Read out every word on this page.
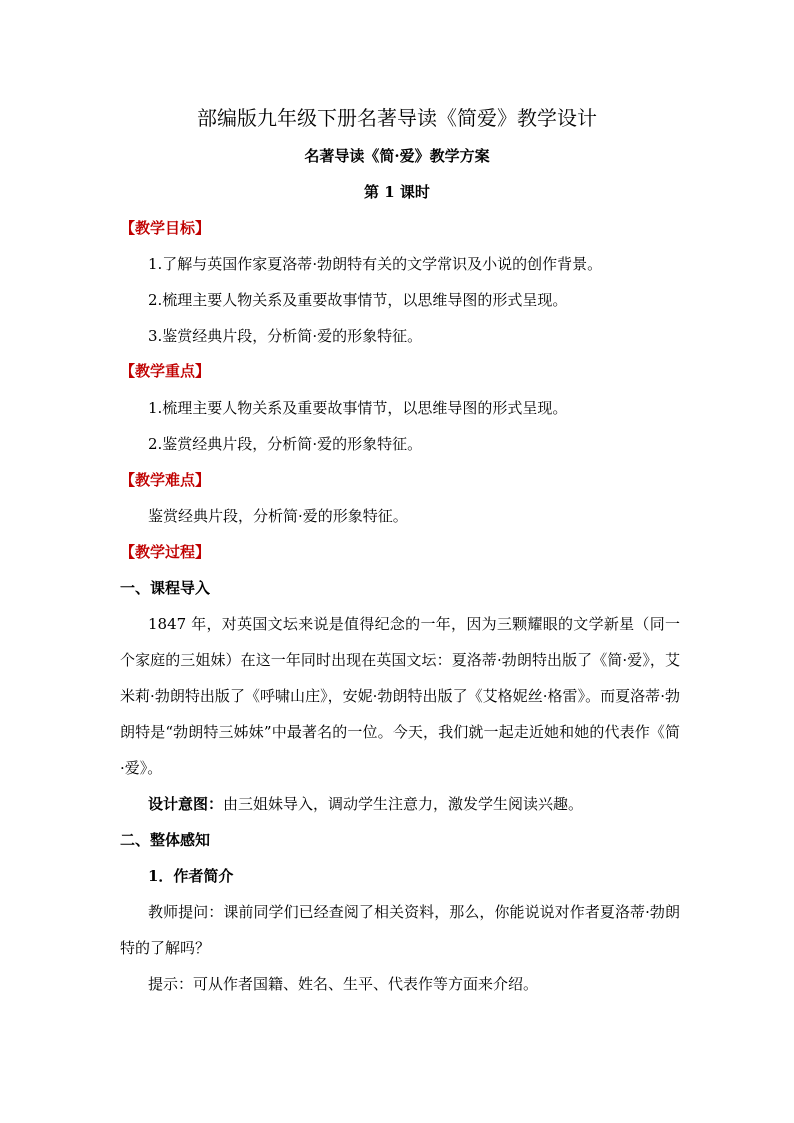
部编版九年级下册名著导读《简爱》教学设计
名著导读《简·爱》教学方案
第 1 课时
【教学目标】
1.了解与英国作家夏洛蒂·勃朗特有关的文学常识及小说的创作背景。
2.梳理主要人物关系及重要故事情节，以思维导图的形式呈现。
3.鉴赏经典片段，分析简·爱的形象特征。
【教学重点】
1.梳理主要人物关系及重要故事情节，以思维导图的形式呈现。
2.鉴赏经典片段，分析简·爱的形象特征。
【教学难点】
鉴赏经典片段，分析简·爱的形象特征。
【教学过程】
一、课程导入

1847 年，对英国文坛来说是值得纪念的一年，因为三颗耀眼的文学新星（同一个家庭的三姐妹）在这一年同时出现在英国文坛：夏洛蒂·勃朗特出版了《简·爱》，艾米莉·勃朗特出版了《呼啸山庄》，安妮·勃朗特出版了《艾格妮丝·格雷》。而夏洛蒂·勃朗特是“勃朗特三姊妹”中最著名的一位。今天，我们就一起走近她和她的代表作《简·爱》。

设计意图：由三姐妹导入，调动学生注意力，激发学生阅读兴趣。
二、整体感知
1．作者简介

教师提问：课前同学们已经查阅了相关资料，那么，你能说说对作者夏洛蒂·勃朗特的了解吗？

提示：可从作者国籍、姓名、生平、代表作等方面来介绍。
